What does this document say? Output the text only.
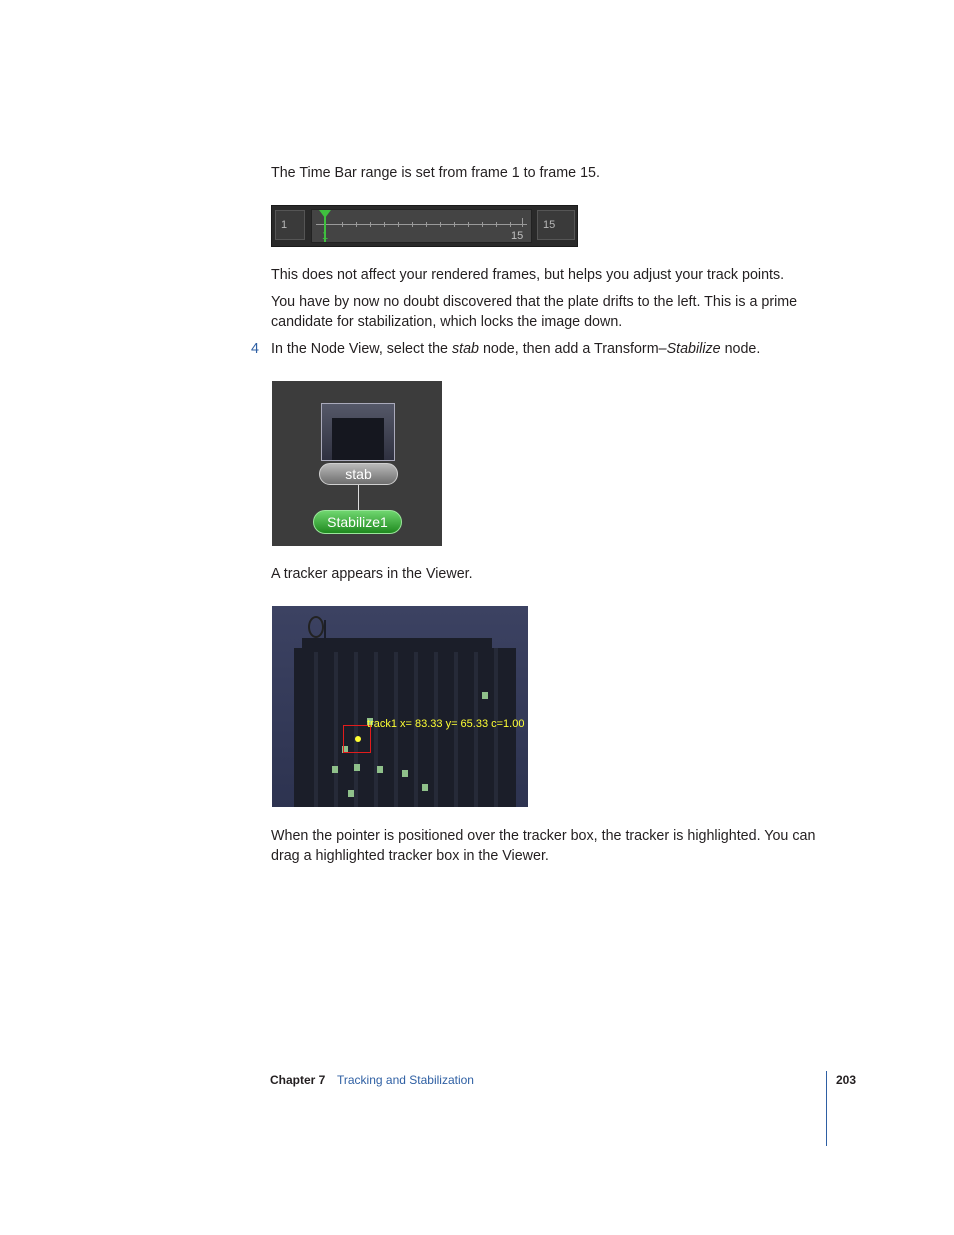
The Time Bar range is set from frame 1 to frame 15.

1
1	15
15

This does not affect your rendered frames, but helps you adjust your track points.

You have by now no doubt discovered that the plate drifts to the left. This is a prime candidate for stabilization, which locks the image down.

4 In the Node View, select the stab node, then add a Transform–Stabilize node.

stab
Stabilize1

A tracker appears in the Viewer.

track1 x= 83.33 y= 65.33 c=1.00

When the pointer is positioned over the tracker box, the tracker is highlighted. You can drag a highlighted tracker box in the Viewer.

Chapter 7 Tracking and Stabilization	203
